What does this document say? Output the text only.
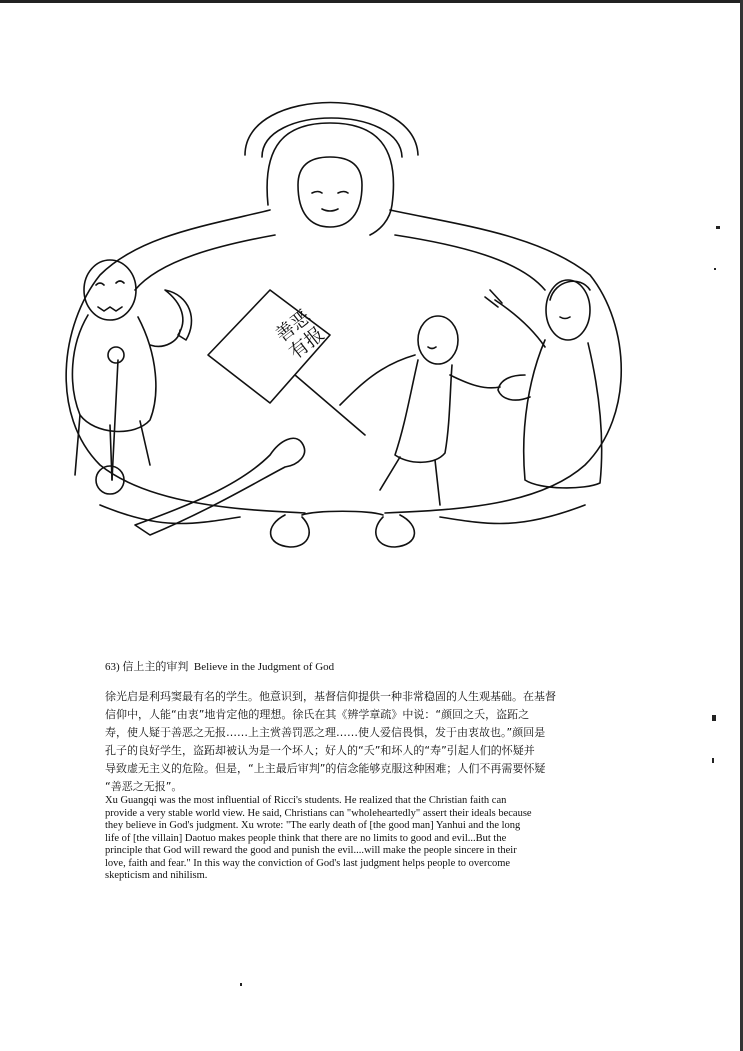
善恶
有报
63) 信上主的审判 Believe in the Judgment of God

徐光启是利玛窦最有名的学生。他意识到，基督信仰提供一种非常稳固的人生观基础。在基督

信仰中，人能“由衷”地肯定他的理想。徐氏在其《辨学章疏》中说：“颜回之夭，盗跖之

寿，使人疑于善恶之无报……上主赏善罚恶之理……使人爱信畏惧，发于由衷故也。”颜回是

孔子的良好学生，盗跖却被认为是一个坏人；好人的“夭”和坏人的“寿”引起人们的怀疑并

导致虚无主义的危险。但是，“上主最后审判”的信念能够克服这种困难；人们不再需要怀疑

“善恶之无报”。

Xu Guangqi was the most influential of Ricci's students. He realized that the Christian faith can

provide a very stable world view. He said, Christians can "wholeheartedly" assert their ideals because

they believe in God's judgment. Xu wrote: "The early death of [the good man] Yanhui and the long

life of [the villain] Daotuo makes people think that there are no limits to good and evil...But the

principle that God will reward the good and punish the evil....will make the people sincere in their

love, faith and fear." In this way the conviction of God's last judgment helps people to overcome

skepticism and nihilism.
